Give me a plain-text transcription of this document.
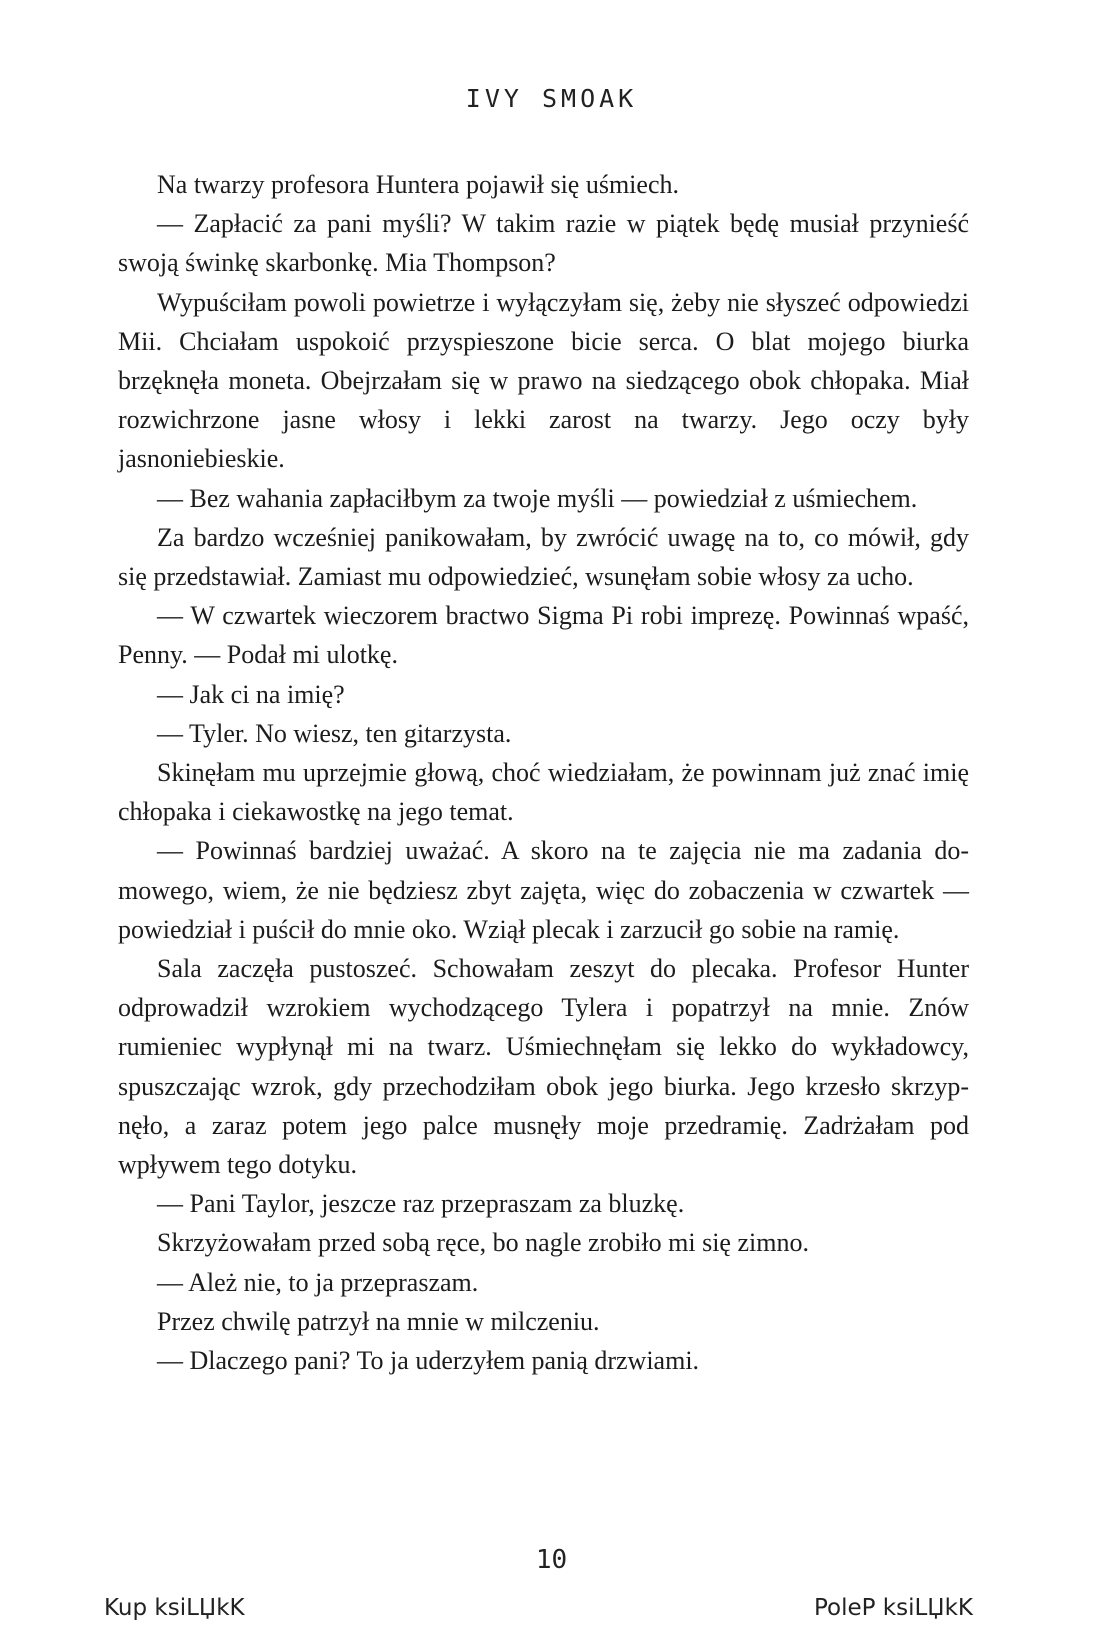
IVY SMOAK

Na twarzy profesora Huntera pojawił się uśmiech.

— Zapłacić za pani myśli? W takim razie w piątek będę musiał przynieść swoją świnkę skarbonkę. Mia Thompson?

Wypuściłam powoli powietrze i wyłączyłam się, żeby nie słyszeć odpowiedzi Mii. Chciałam uspokoić przyspieszone bicie serca. O blat mojego biurka brzęknęła moneta. Obejrzałam się w prawo na siedzącego obok chłopaka. Miał rozwichrzone jasne włosy i lekki zarost na twarzy. Jego oczy były jasnoniebieskie.

— Bez wahania zapłaciłbym za twoje myśli — powiedział z uśmiechem.

Za bardzo wcześniej panikowałam, by zwrócić uwagę na to, co mówił, gdy się przedstawiał. Zamiast mu odpowiedzieć, wsunęłam sobie włosy za ucho.

— W czwartek wieczorem bractwo Sigma Pi robi imprezę. Powinnaś wpaść, Penny. — Podał mi ulotkę.

— Jak ci na imię?

— Tyler. No wiesz, ten gitarzysta.

Skinęłam mu uprzejmie głową, choć wiedziałam, że powinnam już znać imię chłopaka i ciekawostkę na jego temat.

— Powinnaś bardziej uważać. A skoro na te zajęcia nie ma zadania domowego, wiem, że nie będziesz zbyt zajęta, więc do zobaczenia w czwartek — powiedział i puścił do mnie oko. Wziął plecak i zarzucił go sobie na ramię.

Sala zaczęła pustoszeć. Schowałam zeszyt do plecaka. Profesor Hunter odprowadził wzrokiem wychodzącego Tylera i popatrzył na mnie. Znów rumieniec wypłynął mi na twarz. Uśmiechnęłam się lekko do wykładowcy, spuszczając wzrok, gdy przechodziłam obok jego biurka. Jego krzesło skrzypnęło, a zaraz potem jego palce musnęły moje przedramię. Zadrżałam pod wpływem tego dotyku.

— Pani Taylor, jeszcze raz przepraszam za bluzkę.

Skrzyżowałam przed sobą ręce, bo nagle zrobiło mi się zimno.

— Ależ nie, to ja przepraszam.

Przez chwilę patrzył na mnie w milczeniu.

— Dlaczego pani? To ja uderzyłem panią drzwiami.

10
Kup ksiLЏkK	PoleP ksiLЏkK
